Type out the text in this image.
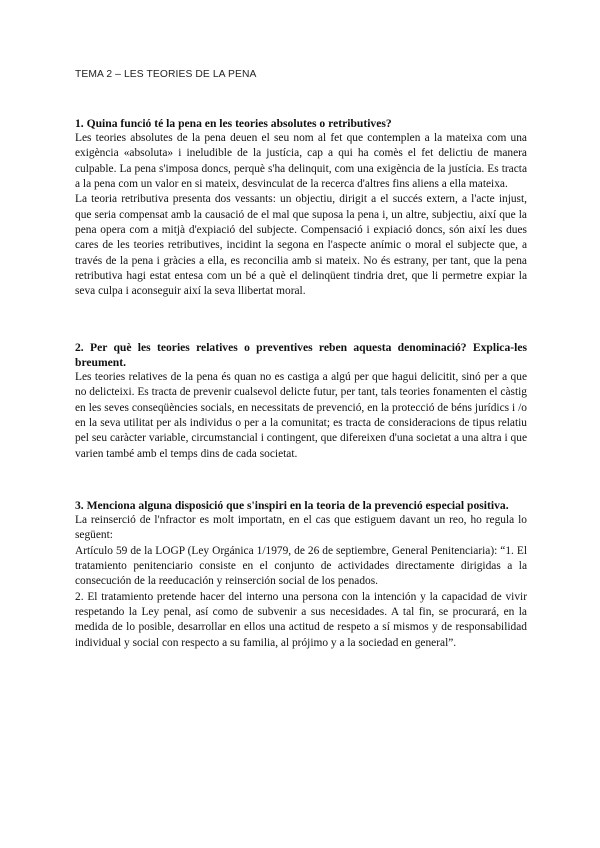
TEMA 2 – LES TEORIES DE LA PENA

1. Quina funció té la pena en les teories absolutes o retributives?

Les teories absolutes de la pena deuen el seu nom al fet que contemplen a la mateixa com una exigència «absoluta» i ineludible de la justícia, cap a qui ha comès el fet delictiu de manera culpable. La pena s'imposa doncs, perquè s'ha delinquit, com una exigència de la justícia. Es tracta a la pena com un valor en si mateix, desvinculat de la recerca d'altres fins aliens a ella mateixa.

La teoria retributiva presenta dos vessants: un objectiu, dirigit a el succés extern, a l'acte injust, que seria compensat amb la causació de el mal que suposa la pena i, un altre, subjectiu, així que la pena opera com a mitjà d'expiació del subjecte. Compensació i expiació doncs, són així les dues cares de les teories retributives, incidint la segona en l'aspecte anímic o moral el subjecte que, a través de la pena i gràcies a ella, es reconcilia amb si mateix. No és estrany, per tant, que la pena retributiva hagi estat entesa com un bé a què el delinqüent tindria dret, que li permetre expiar la seva culpa i aconseguir així la seva llibertat moral.

2. Per què les teories relatives o preventives reben aquesta denominació? Explica-les breument.

Les teories relatives de la pena és quan no es castiga a algú per que hagui delicitit, sinó per a que no delicteixi. Es tracta de prevenir cualsevol delicte futur, per tant, tals teories fonamenten el càstig en les seves conseqüències socials, en necessitats de prevenció, en la protecció de béns jurídics i /o en la seva utilitat per als individus o per a la comunitat; es tracta de consideracions de tipus relatiu pel seu caràcter variable, circumstancial i contingent, que difereixen d'una societat a una altra i que varien també amb el temps dins de cada societat.

3. Menciona alguna disposició que s'inspiri en la teoria de la prevenció especial positiva.

La reinserció de l'nfractor es molt importatn, en el cas que estiguem davant un reo, ho regula lo següent:

Artículo 59 de la LOGP (Ley Orgánica 1/1979, de 26 de septiembre, General Penitenciaria): “1. El tratamiento penitenciario consiste en el conjunto de actividades directamente dirigidas a la consecución de la reeducación y reinserción social de los penados.

2. El tratamiento pretende hacer del interno una persona con la intención y la capacidad de vivir respetando la Ley penal, así como de subvenir a sus necesidades. A tal fin, se procurará, en la medida de lo posible, desarrollar en ellos una actitud de respeto a sí mismos y de responsabilidad individual y social con respecto a su familia, al prójimo y a la sociedad en general”.
